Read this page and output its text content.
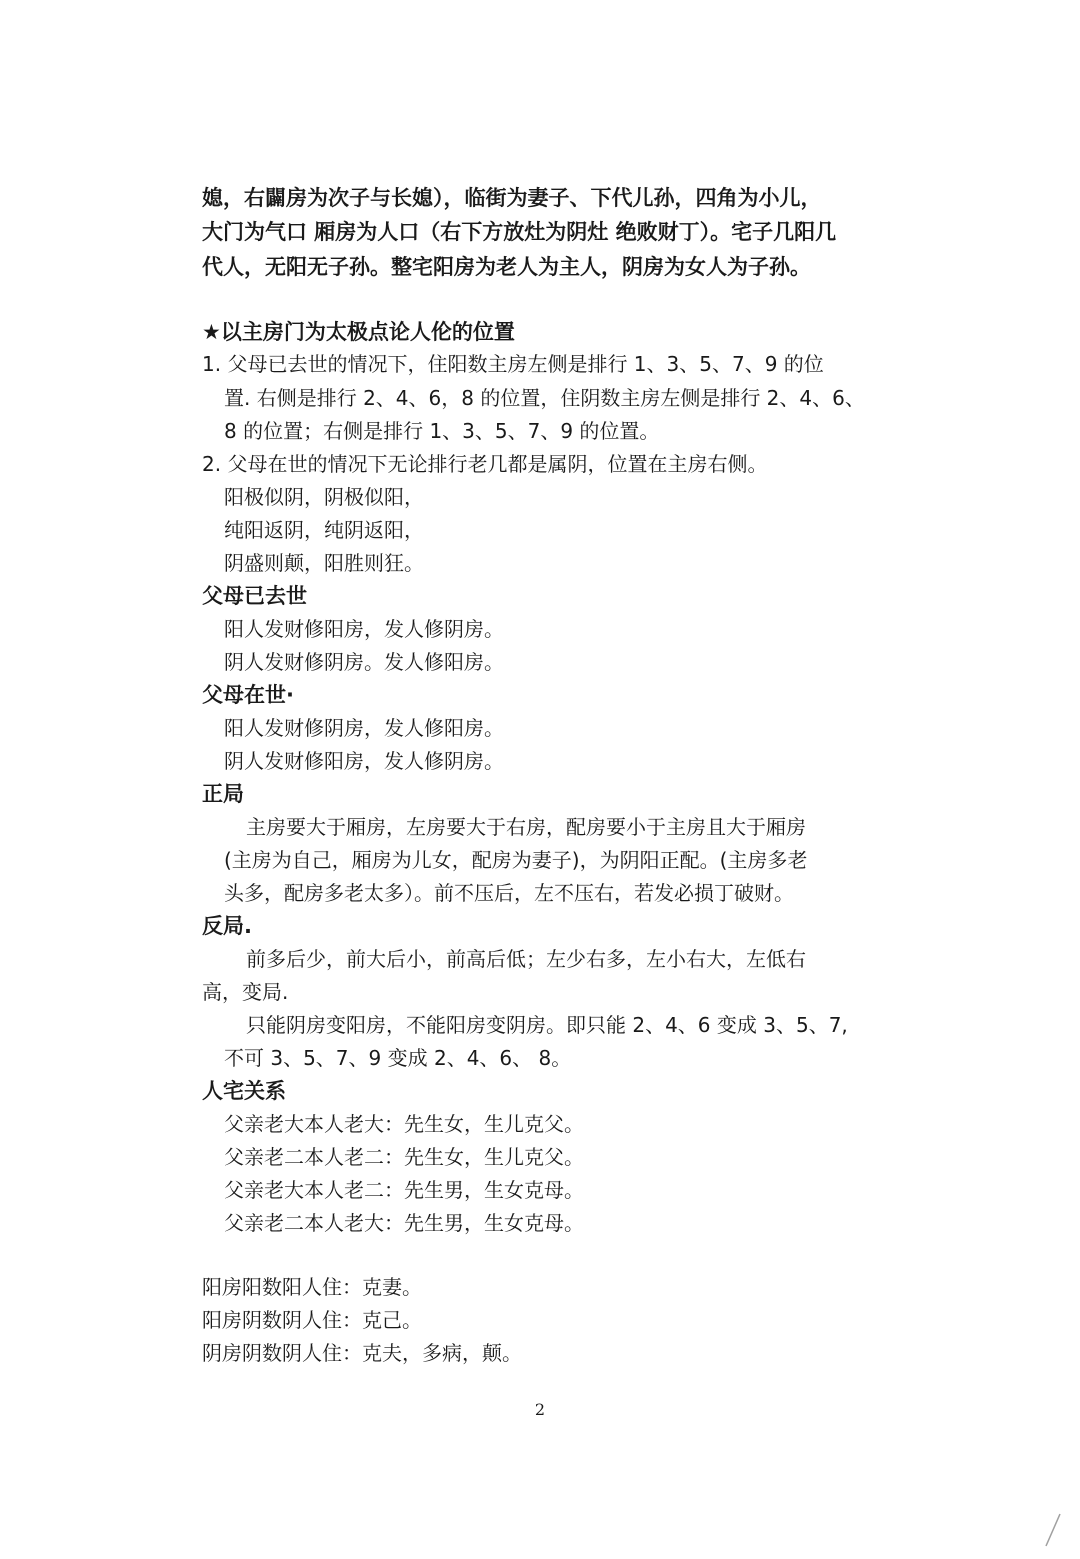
媳，右闢房为次子与长媳），临街为妻子、下代儿孙，四角为小儿，
大门为气口 厢房为人口（右下方放灶为阴灶 绝败财丁）。宅子几阳几
代人，无阳无子孙。整宅阳房为老人为主人，阴房为女人为子孙。
★以主房门为太极点论人伦的位置
1. 父母已去世的情况下，住阳数主房左侧是排行 1、3、5、7、9 的位
置. 右侧是排行 2、4、6，8 的位置，住阴数主房左侧是排行 2、4、6、
8 的位置；右侧是排行 1、3、5、7、9 的位置。
2. 父母在世的情况下无论排行老几都是属阴，位置在主房右侧。
阳极似阴，阴极似阳，
纯阳返阴，纯阴返阳，
阴盛则颠，阳胜则狂。
父母已去世
阳人发财修阳房，发人修阴房。
阴人发财修阴房。发人修阳房。
父母在世·
阳人发财修阴房，发人修阳房。
阴人发财修阳房，发人修阴房。
正局
主房要大于厢房，左房要大于右房，配房要小于主房且大于厢房
(主房为自己，厢房为儿女，配房为妻子)，为阴阳正配。(主房多老
头多，配房多老太多）。前不压后，左不压右，若发必损丁破财。
反局.
前多后少，前大后小，前高后低；左少右多，左小右大，左低右
高，变局.
只能阴房变阳房，不能阳房变阴房。即只能 2、4、6 变成 3、5、7,
不可 3、5、7、9 变成 2、4、6、 8。
人宅关系
父亲老大本人老大：先生女，生儿克父。
父亲老二本人老二：先生女，生儿克父。
父亲老大本人老二：先生男，生女克母。
父亲老二本人老大：先生男，生女克母。
阳房阳数阳人住：克妻。
阳房阴数阴人住：克己。
阴房阴数阴人住：克夫，多病，颠。
2
